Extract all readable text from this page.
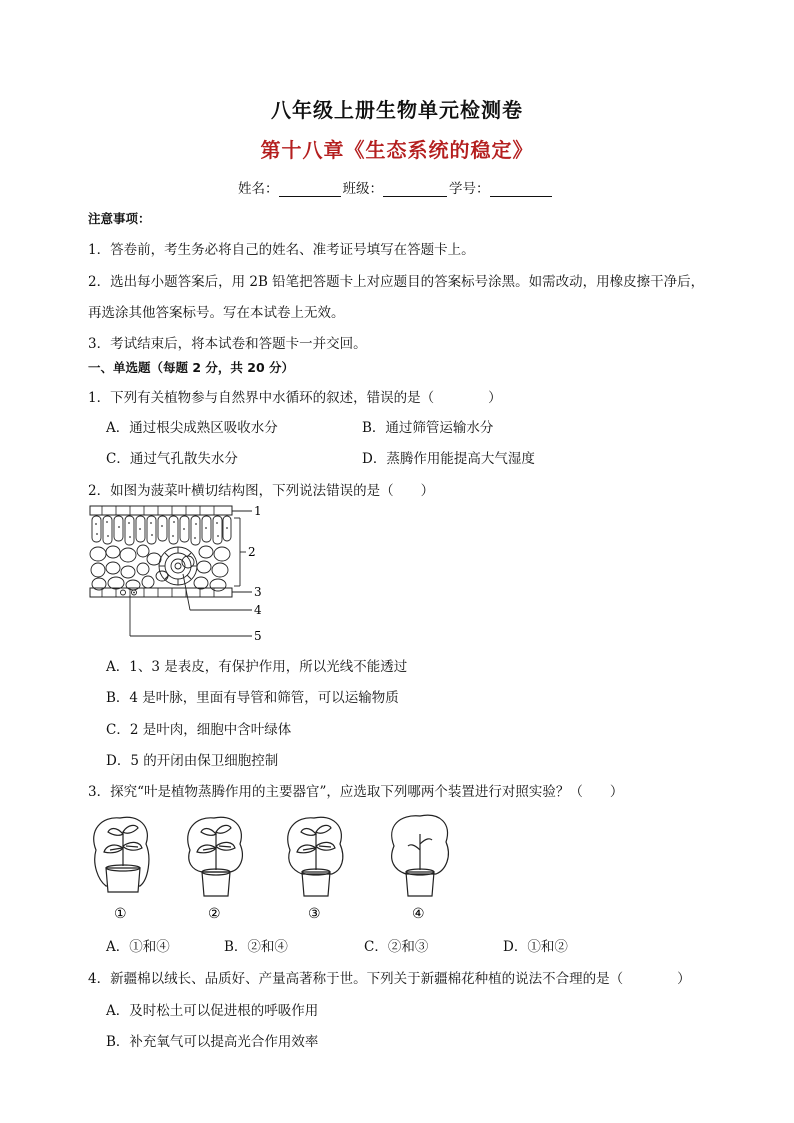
八年级上册生物单元检测卷
第十八章《生态系统的稳定》
姓名：	班级：	学号：
注意事项：
1．答卷前，考生务必将自己的姓名、准考证号填写在答题卡上。
2．选出每小题答案后，用 2B 铅笔把答题卡上对应题目的答案标号涂黑。如需改动，用橡皮擦干净后，
再选涂其他答案标号。写在本试卷上无效。
3．考试结束后，将本试卷和答题卡一并交回。
一、单选题（每题 2 分，共 20 分）
1．下列有关植物参与自然界中水循环的叙述，错误的是（　　　　）
A．通过根尖成熟区吸收水分	B．通过筛管运输水分
C．通过气孔散失水分	D．蒸腾作用能提高大气湿度
2．如图为菠菜叶横切结构图，下列说法错误的是（　　）
1
2
3
4
5
A．1、3 是表皮，有保护作用，所以光线不能透过
B．4 是叶脉，里面有导管和筛管，可以运输物质
C．2 是叶肉，细胞中含叶绿体
D．5 的开闭由保卫细胞控制
3．探究“叶是植物蒸腾作用的主要器官”，应选取下列哪两个装置进行对照实验？（　　）
①	②	③	④
A．①和④	B．②和④	C．②和③	D．①和②
4．新疆棉以绒长、品质好、产量高著称于世。下列关于新疆棉花种植的说法不合理的是（　　　　）
A．及时松土可以促进根的呼吸作用
B．补充氧气可以提高光合作用效率
